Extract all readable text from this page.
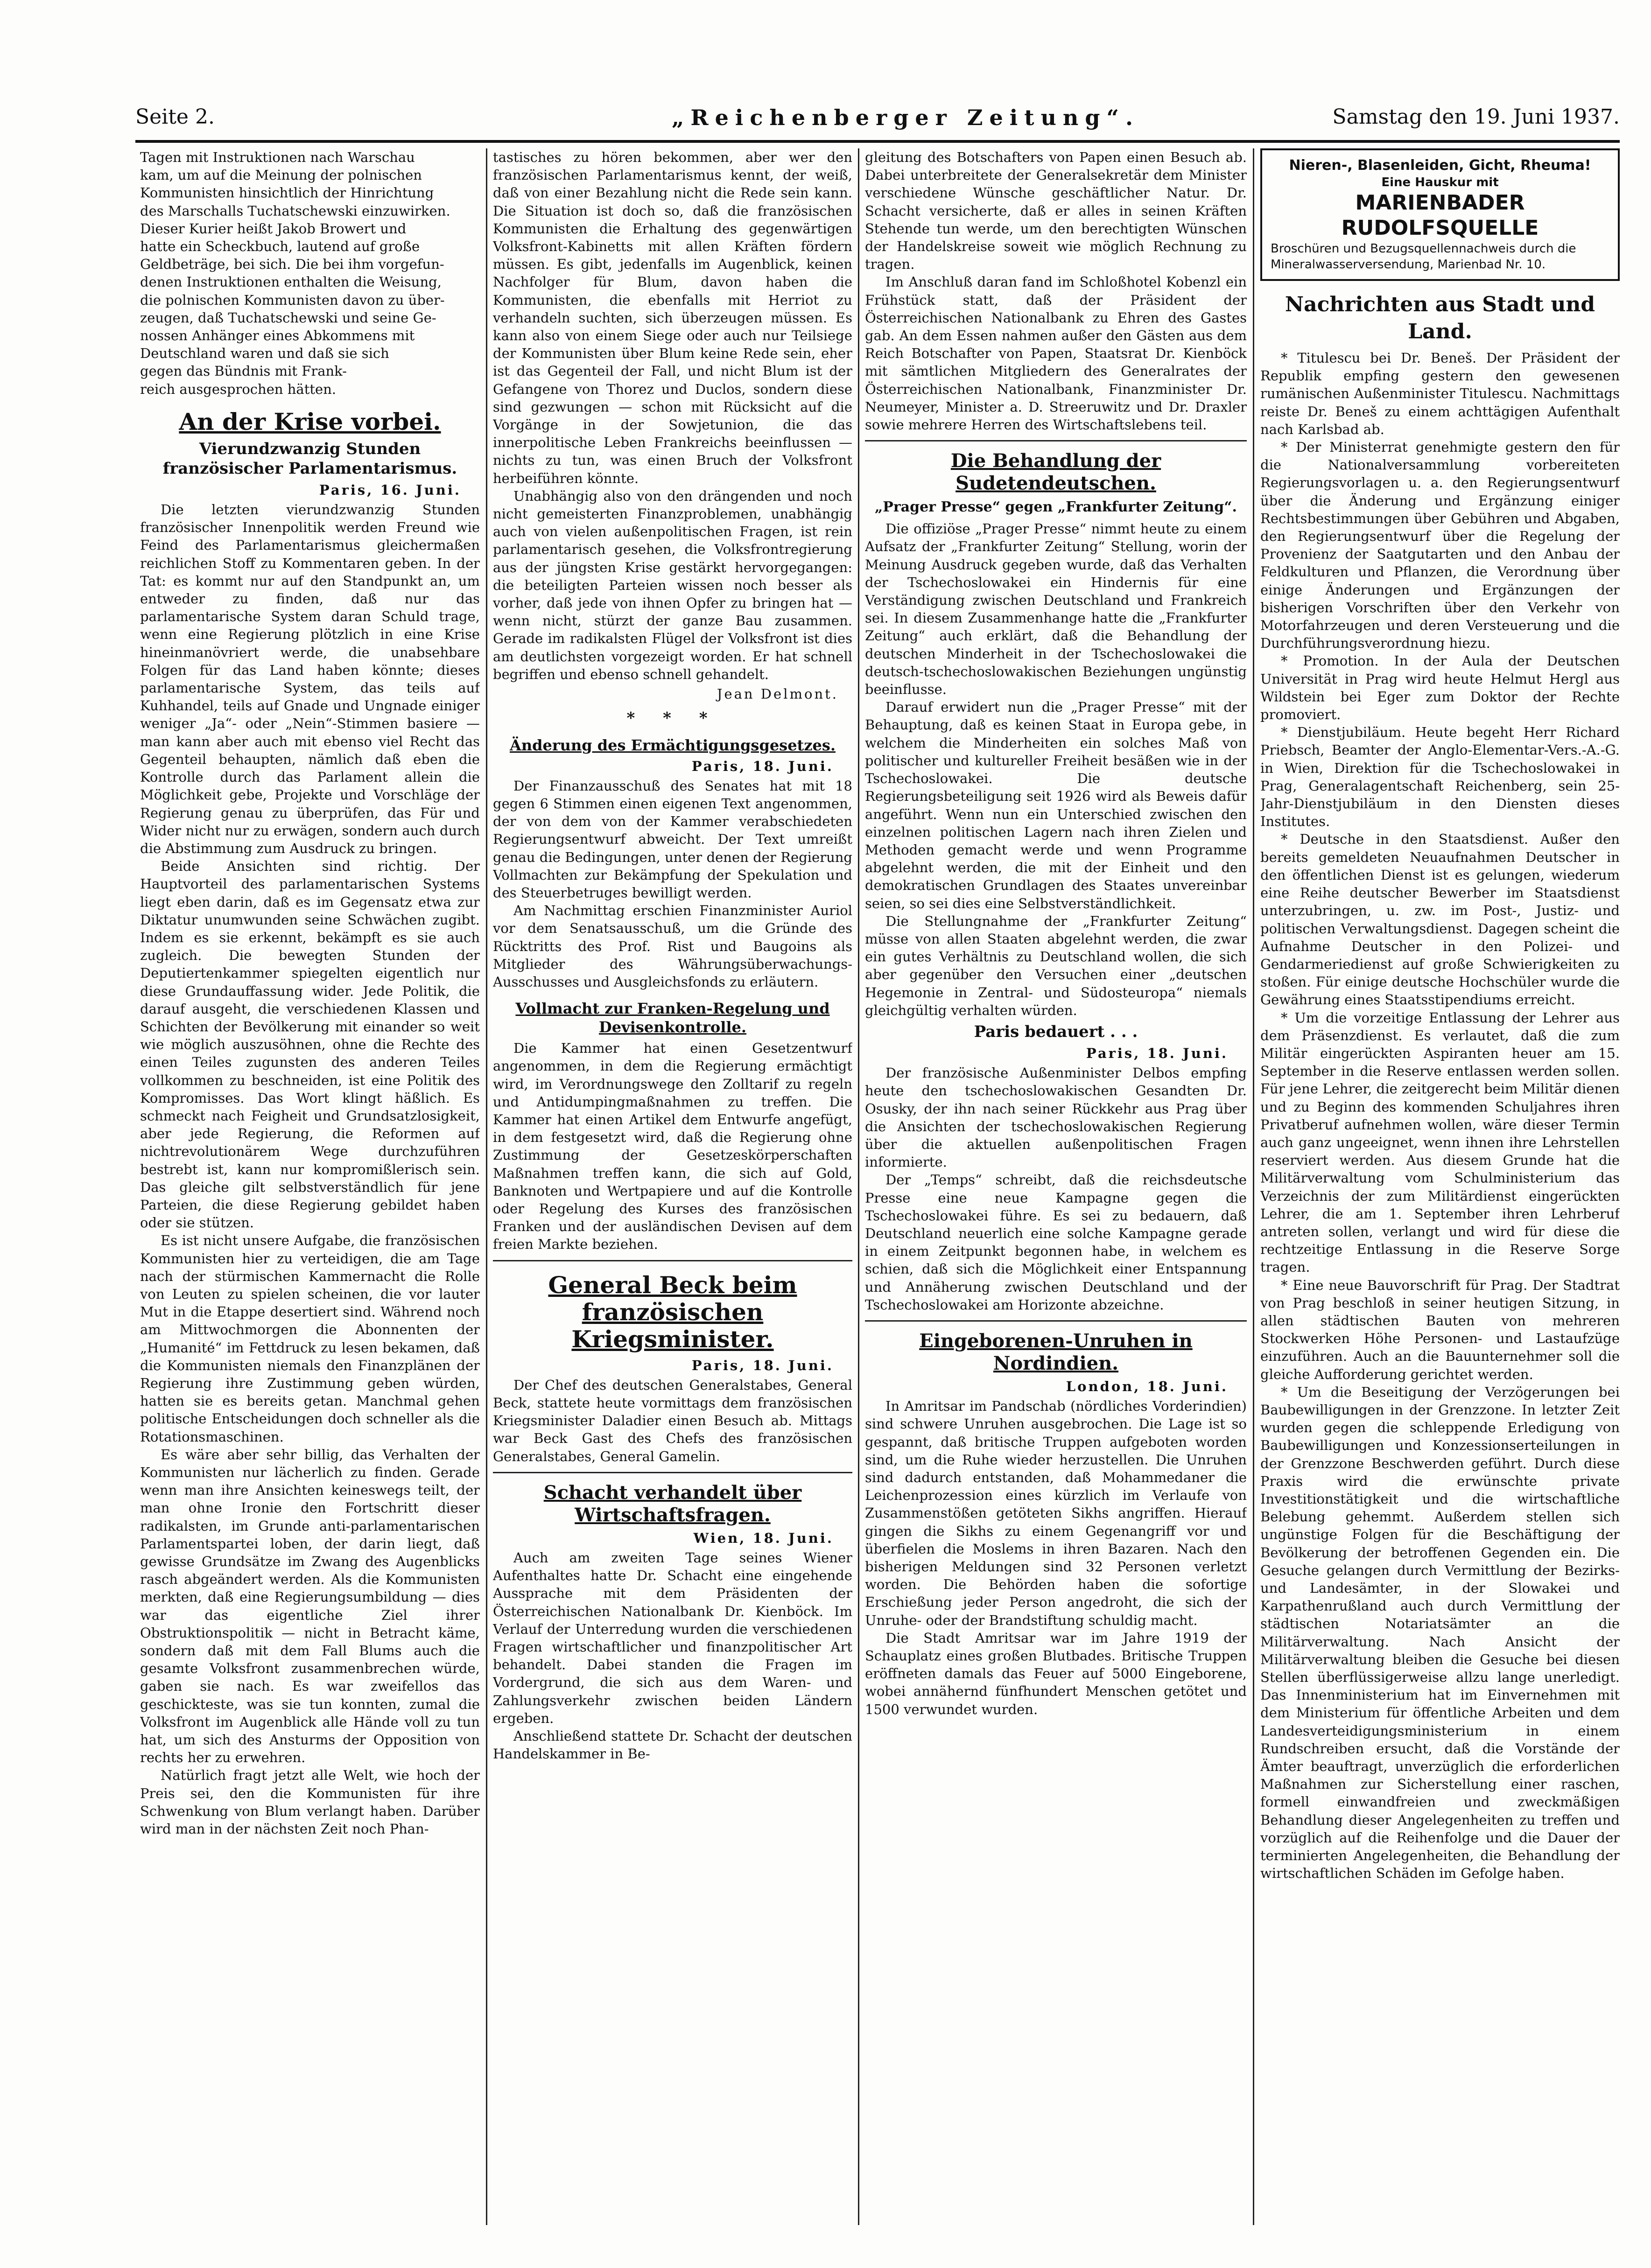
Seite 2.	„Reichenberger Zeitung“.	Samstag den 19. Juni 1937.

Tagen mit Instruktionen nach Warschau

kam, um auf die Meinung der polnischen

Kommunisten hinsichtlich der Hinrichtung

des Marschalls Tuchatschewski einzuwirken.

Dieser Kurier heißt Jakob Browert und

hatte ein Scheckbuch, lautend auf große

Geldbeträge, bei sich. Die bei ihm vorgefun-

denen Instruktionen enthalten die Weisung,

die polnischen Kommunisten davon zu über-

zeugen, daß Tuchatschewski und seine Ge-

nossen Anhänger eines Abkommens mit

Deutschland waren und daß sie sich

gegen das Bündnis mit Frank-

reich ausgesprochen hätten.

An der Krise vorbei.
Vierundzwanzig Stunden französischer Parlamentarismus.
Paris, 16. Juni.

Die letzten vierundzwanzig Stunden französischer Innenpolitik werden Freund wie Feind des Parlamentarismus gleichermaßen reichlichen Stoff zu Kommentaren geben. In der Tat: es kommt nur auf den Standpunkt an, um entweder zu finden, daß nur das parlamentarische System daran Schuld trage, wenn eine Regierung plötzlich in eine Krise hineinmanövriert werde, die unabsehbare Folgen für das Land haben könnte; dieses parlamentarische System, das teils auf Kuhhandel, teils auf Gnade und Ungnade einiger weniger „Ja“- oder „Nein“-Stimmen basiere — man kann aber auch mit ebenso viel Recht das Gegenteil behaupten, nämlich daß eben die Kontrolle durch das Parlament allein die Möglichkeit gebe, Projekte und Vorschläge der Regierung genau zu überprüfen, das Für und Wider nicht nur zu erwägen, sondern auch durch die Abstimmung zum Ausdruck zu bringen.

Beide Ansichten sind richtig. Der Hauptvorteil des parlamentarischen Systems liegt eben darin, daß es im Gegensatz etwa zur Diktatur unumwunden seine Schwächen zugibt. Indem es sie erkennt, bekämpft es sie auch zugleich. Die bewegten Stunden der Deputiertenkammer spiegelten eigentlich nur diese Grundauffassung wider. Jede Politik, die darauf ausgeht, die verschiedenen Klassen und Schichten der Bevölkerung mit einander so weit wie möglich auszusöhnen, ohne die Rechte des einen Teiles zugunsten des anderen Teiles vollkommen zu beschneiden, ist eine Politik des Kompromisses. Das Wort klingt häßlich. Es schmeckt nach Feigheit und Grundsatzlosigkeit, aber jede Regierung, die Reformen auf nichtrevolutionärem Wege durchzuführen bestrebt ist, kann nur kompromißlerisch sein. Das gleiche gilt selbstverständlich für jene Parteien, die diese Regierung gebildet haben oder sie stützen.

Es ist nicht unsere Aufgabe, die französischen Kommunisten hier zu verteidigen, die am Tage nach der stürmischen Kammernacht die Rolle von Leuten zu spielen scheinen, die vor lauter Mut in die Etappe desertiert sind. Während noch am Mittwochmorgen die Abonnenten der „Humanité“ im Fettdruck zu lesen bekamen, daß die Kommunisten niemals den Finanzplänen der Regierung ihre Zustimmung geben würden, hatten sie es bereits getan. Manchmal gehen politische Entscheidungen doch schneller als die Rotationsmaschinen.

Es wäre aber sehr billig, das Verhalten der Kommunisten nur lächerlich zu finden. Gerade wenn man ihre Ansichten keineswegs teilt, der man ohne Ironie den Fortschritt dieser radikalsten, im Grunde anti-parlamentarischen Parlamentspartei loben, der darin liegt, daß gewisse Grundsätze im Zwang des Augenblicks rasch abgeändert werden. Als die Kommunisten merkten, daß eine Regierungsumbildung — dies war das eigentliche Ziel ihrer Obstruktionspolitik — nicht in Betracht käme, sondern daß mit dem Fall Blums auch die gesamte Volksfront zusammenbrechen würde, gaben sie nach. Es war zweifellos das geschickteste, was sie tun konnten, zumal die Volksfront im Augenblick alle Hände voll zu tun hat, um sich des Ansturms der Opposition von rechts her zu erwehren.

Natürlich fragt jetzt alle Welt, wie hoch der Preis sei, den die Kommunisten für ihre Schwenkung von Blum verlangt haben. Darüber wird man in der nächsten Zeit noch Phan-

tastisches zu hören bekommen, aber wer den französischen Parlamentarismus kennt, der weiß, daß von einer Bezahlung nicht die Rede sein kann. Die Situation ist doch so, daß die französischen Kommunisten die Erhaltung des gegenwärtigen Volksfront-Kabinetts mit allen Kräften fördern müssen. Es gibt, jedenfalls im Augenblick, keinen Nachfolger für Blum, davon haben die Kommunisten, die ebenfalls mit Herriot zu verhandeln suchten, sich überzeugen müssen. Es kann also von einem Siege oder auch nur Teilsiege der Kommunisten über Blum keine Rede sein, eher ist das Gegenteil der Fall, und nicht Blum ist der Gefangene von Thorez und Duclos, sondern diese sind gezwungen — schon mit Rücksicht auf die Vorgänge in der Sowjetunion, die das innerpolitische Leben Frankreichs beeinflussen — nichts zu tun, was einen Bruch der Volksfront herbeiführen könnte.

Unabhängig also von den drängenden und noch nicht gemeisterten Finanzproblemen, unabhängig auch von vielen außenpolitischen Fragen, ist rein parlamentarisch gesehen, die Volksfrontregierung aus der jüngsten Krise gestärkt hervorgegangen: die beteiligten Parteien wissen noch besser als vorher, daß jede von ihnen Opfer zu bringen hat — wenn nicht, stürzt der ganze Bau zusammen. Gerade im radikalsten Flügel der Volksfront ist dies am deutlichsten vorgezeigt worden. Er hat schnell begriffen und ebenso schnell gehandelt.

Jean Delmont.
* * *
Änderung des Ermächtigungsgesetzes.
Paris, 18. Juni.

Der Finanzausschuß des Senates hat mit 18 gegen 6 Stimmen einen eigenen Text angenommen, der von dem von der Kammer verabschiedeten Regierungsentwurf abweicht. Der Text umreißt genau die Bedingungen, unter denen der Regierung Vollmachten zur Bekämpfung der Spekulation und des Steuerbetruges bewilligt werden.

Am Nachmittag erschien Finanzminister Auriol vor dem Senatsausschuß, um die Gründe des Rücktritts des Prof. Rist und Baugoins als Mitglieder des Währungsüberwachungs-Ausschusses und Ausgleichsfonds zu erläutern.

Vollmacht zur Franken-Regelung und Devisenkontrolle.

Die Kammer hat einen Gesetzentwurf angenommen, in dem die Regierung ermächtigt wird, im Verordnungswege den Zolltarif zu regeln und Antidumpingmaßnahmen zu treffen. Die Kammer hat einen Artikel dem Entwurfe angefügt, in dem festgesetzt wird, daß die Regierung ohne Zustimmung der Gesetzeskörperschaften Maßnahmen treffen kann, die sich auf Gold, Banknoten und Wertpapiere und auf die Kontrolle oder Regelung des Kurses des französischen Franken und der ausländischen Devisen auf dem freien Markte beziehen.

General Beck beim französischen Kriegsminister.
Paris, 18. Juni.

Der Chef des deutschen Generalstabes, General Beck, stattete heute vormittags dem französischen Kriegsminister Daladier einen Besuch ab. Mittags war Beck Gast des Chefs des französischen Generalstabes, General Gamelin.

Schacht verhandelt über Wirtschaftsfragen.
Wien, 18. Juni.

Auch am zweiten Tage seines Wiener Aufenthaltes hatte Dr. Schacht eine eingehende Aussprache mit dem Präsidenten der Österreichischen Nationalbank Dr. Kienböck. Im Verlauf der Unterredung wurden die verschiedenen Fragen wirtschaftlicher und finanzpolitischer Art behandelt. Dabei standen die Fragen im Vordergrund, die sich aus dem Waren- und Zahlungsverkehr zwischen beiden Ländern ergeben.

Anschließend stattete Dr. Schacht der deutschen Handelskammer in Be-

gleitung des Botschafters von Papen einen Besuch ab. Dabei unterbreitete der Generalsekretär dem Minister verschiedene Wünsche geschäftlicher Natur. Dr. Schacht versicherte, daß er alles in seinen Kräften Stehende tun werde, um den berechtigten Wünschen der Handelskreise soweit wie möglich Rechnung zu tragen.

Im Anschluß daran fand im Schloßhotel Kobenzl ein Frühstück statt, daß der Präsident der Österreichischen Nationalbank zu Ehren des Gastes gab. An dem Essen nahmen außer den Gästen aus dem Reich Botschafter von Papen, Staatsrat Dr. Kienböck mit sämtlichen Mitgliedern des Generalrates der Österreichischen Nationalbank, Finanzminister Dr. Neumeyer, Minister a. D. Streeruwitz und Dr. Draxler sowie mehrere Herren des Wirtschaftslebens teil.

Die Behandlung der Sudetendeutschen.
„Prager Presse“ gegen „Frankfurter Zeitung“.

Die offiziöse „Prager Presse“ nimmt heute zu einem Aufsatz der „Frankfurter Zeitung“ Stellung, worin der Meinung Ausdruck gegeben wurde, daß das Verhalten der Tschechoslowakei ein Hindernis für eine Verständigung zwischen Deutschland und Frankreich sei. In diesem Zusammenhange hatte die „Frankfurter Zeitung“ auch erklärt, daß die Behandlung der deutschen Minderheit in der Tschechoslowakei die deutsch-tschechoslowakischen Beziehungen ungünstig beeinflusse.

Darauf erwidert nun die „Prager Presse“ mit der Behauptung, daß es keinen Staat in Europa gebe, in welchem die Minderheiten ein solches Maß von politischer und kultureller Freiheit besäßen wie in der Tschechoslowakei. Die deutsche Regierungsbeteiligung seit 1926 wird als Beweis dafür angeführt. Wenn nun ein Unterschied zwischen den einzelnen politischen Lagern nach ihren Zielen und Methoden gemacht werde und wenn Programme abgelehnt werden, die mit der Einheit und den demokratischen Grundlagen des Staates unvereinbar seien, so sei dies eine Selbstverständlichkeit.

Die Stellungnahme der „Frankfurter Zeitung“ müsse von allen Staaten abgelehnt werden, die zwar ein gutes Verhältnis zu Deutschland wollen, die sich aber gegenüber den Versuchen einer „deutschen Hegemonie in Zentral- und Südosteuropa“ niemals gleichgültig verhalten würden.

Paris bedauert . . .
Paris, 18. Juni.

Der französische Außenminister Delbos empfing heute den tschechoslowakischen Gesandten Dr. Osusky, der ihn nach seiner Rückkehr aus Prag über die Ansichten der tschechoslowakischen Regierung über die aktuellen außenpolitischen Fragen informierte.

Der „Temps“ schreibt, daß die reichsdeutsche Presse eine neue Kampagne gegen die Tschechoslowakei führe. Es sei zu bedauern, daß Deutschland neuerlich eine solche Kampagne gerade in einem Zeitpunkt begonnen habe, in welchem es schien, daß sich die Möglichkeit einer Entspannung und Annäherung zwischen Deutschland und der Tschechoslowakei am Horizonte abzeichne.

Eingeborenen-Unruhen in Nordindien.
London, 18. Juni.

In Amritsar im Pandschab (nördliches Vorderindien) sind schwere Unruhen ausgebrochen. Die Lage ist so gespannt, daß britische Truppen aufgeboten worden sind, um die Ruhe wieder herzustellen. Die Unruhen sind dadurch entstanden, daß Mohammedaner die Leichenprozession eines kürzlich im Verlaufe von Zusammenstößen getöteten Sikhs angriffen. Hierauf gingen die Sikhs zu einem Gegenangriff vor und überfielen die Moslems in ihren Bazaren. Nach den bisherigen Meldungen sind 32 Personen verletzt worden. Die Behörden haben die sofortige Erschießung jeder Person angedroht, die sich der Unruhe- oder der Brandstiftung schuldig macht.

Die Stadt Amritsar war im Jahre 1919 der Schauplatz eines großen Blutbades. Britische Truppen eröffneten damals das Feuer auf 5000 Eingeborene, wobei annähernd fünfhundert Menschen getötet und 1500 verwundet wurden.

Nieren-, Blasenleiden, Gicht, Rheuma!
Eine Hauskur mit
MARIENBADER RUDOLFSQUELLE
Broschüren und Bezugsquellennachweis durch die Mineralwasserversendung, Marienbad Nr. 10.
Nachrichten aus Stadt und Land.

* Titulescu bei Dr. Beneš. Der Präsident der Republik empfing gestern den gewesenen rumänischen Außenminister Titulescu. Nachmittags reiste Dr. Beneš zu einem achttägigen Aufenthalt nach Karlsbad ab.

* Der Ministerrat genehmigte gestern den für die Nationalversammlung vorbereiteten Regierungsvorlagen u. a. den Regierungsentwurf über die Änderung und Ergänzung einiger Rechtsbestimmungen über Gebühren und Abgaben, den Regierungsentwurf über die Regelung der Provenienz der Saatgutarten und den Anbau der Feldkulturen und Pflanzen, die Verordnung über einige Änderungen und Ergänzungen der bisherigen Vorschriften über den Verkehr von Motorfahrzeugen und deren Versteuerung und die Durchführungsverordnung hiezu.

* Promotion. In der Aula der Deutschen Universität in Prag wird heute Helmut Hergl aus Wildstein bei Eger zum Doktor der Rechte promoviert.

* Dienstjubiläum. Heute begeht Herr Richard Priebsch, Beamter der Anglo-Elementar-Vers.-A.-G. in Wien, Direktion für die Tschechoslowakei in Prag, Generalagentschaft Reichenberg, sein 25-Jahr-Dienstjubiläum in den Diensten dieses Institutes.

* Deutsche in den Staatsdienst. Außer den bereits gemeldeten Neuaufnahmen Deutscher in den öffentlichen Dienst ist es gelungen, wiederum eine Reihe deutscher Bewerber im Staatsdienst unterzubringen, u. zw. im Post-, Justiz- und politischen Verwaltungsdienst. Dagegen scheint die Aufnahme Deutscher in den Polizei- und Gendarmeriedienst auf große Schwierigkeiten zu stoßen. Für einige deutsche Hochschüler wurde die Gewährung eines Staatsstipendiums erreicht.

* Um die vorzeitige Entlassung der Lehrer aus dem Präsenzdienst. Es verlautet, daß die zum Militär eingerückten Aspiranten heuer am 15. September in die Reserve entlassen werden sollen. Für jene Lehrer, die zeitgerecht beim Militär dienen und zu Beginn des kommenden Schuljahres ihren Privatberuf aufnehmen wollen, wäre dieser Termin auch ganz ungeeignet, wenn ihnen ihre Lehrstellen reserviert werden. Aus diesem Grunde hat die Militärverwaltung vom Schulministerium das Verzeichnis der zum Militärdienst eingerückten Lehrer, die am 1. September ihren Lehrberuf antreten sollen, verlangt und wird für diese die rechtzeitige Entlassung in die Reserve Sorge tragen.

* Eine neue Bauvorschrift für Prag. Der Stadtrat von Prag beschloß in seiner heutigen Sitzung, in allen städtischen Bauten von mehreren Stockwerken Höhe Personen- und Lastaufzüge einzuführen. Auch an die Bauunternehmer soll die gleiche Aufforderung gerichtet werden.

* Um die Beseitigung der Verzögerungen bei Baubewilligungen in der Grenzzone. In letzter Zeit wurden gegen die schleppende Erledigung von Baubewilligungen und Konzessionserteilungen in der Grenzzone Beschwerden geführt. Durch diese Praxis wird die erwünschte private Investitionstätigkeit und die wirtschaftliche Belebung gehemmt. Außerdem stellen sich ungünstige Folgen für die Beschäftigung der Bevölkerung der betroffenen Gegenden ein. Die Gesuche gelangen durch Vermittlung der Bezirks- und Landesämter, in der Slowakei und Karpathenrußland auch durch Vermittlung der städtischen Notariatsämter an die Militärverwaltung. Nach Ansicht der Militärverwaltung bleiben die Gesuche bei diesen Stellen überflüssigerweise allzu lange unerledigt. Das Innenministerium hat im Einvernehmen mit dem Ministerium für öffentliche Arbeiten und dem Landesverteidigungsministerium in einem Rundschreiben ersucht, daß die Vorstände der Ämter beauftragt, unverzüglich die erforderlichen Maßnahmen zur Sicherstellung einer raschen, formell einwandfreien und zweckmäßigen Behandlung dieser Angelegenheiten zu treffen und vorzüglich auf die Reihenfolge und die Dauer der terminierten Angelegenheiten, die Behandlung der wirtschaftlichen Schäden im Gefolge haben.
